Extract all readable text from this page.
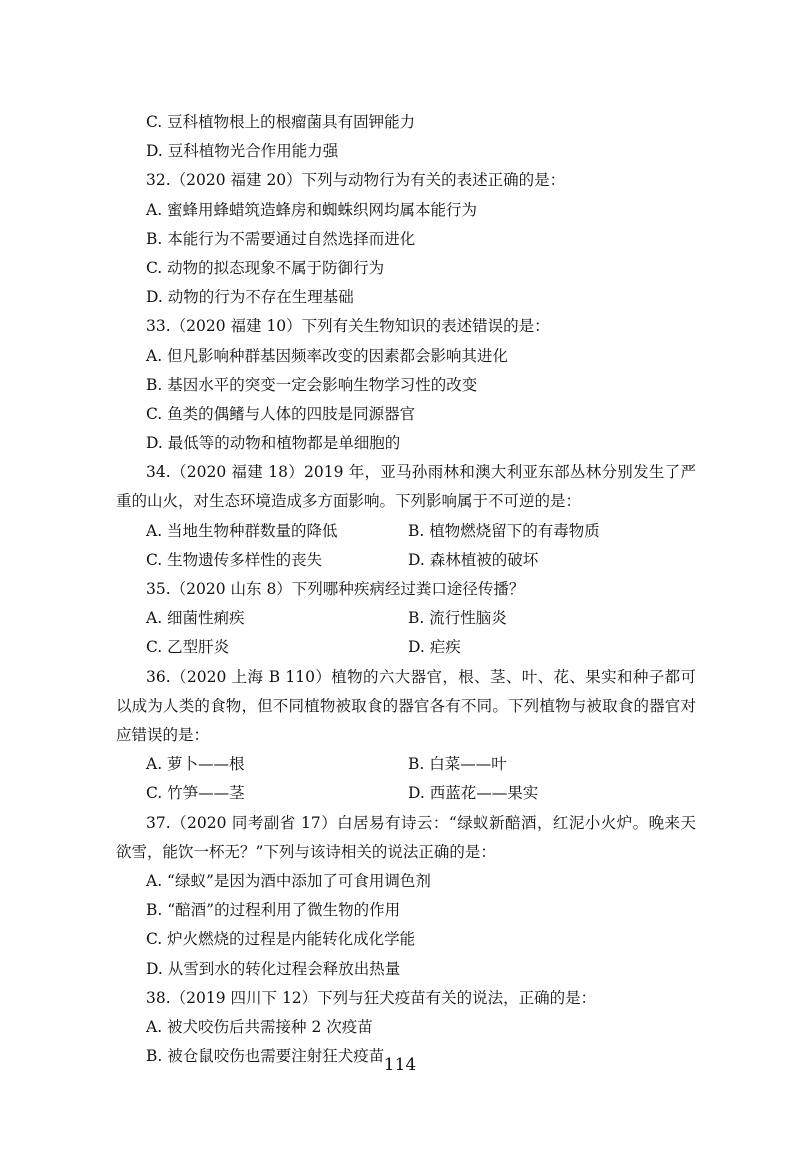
C. 豆科植物根上的根瘤菌具有固钾能力
D. 豆科植物光合作用能力强
32.（2020 福建 20）下列与动物行为有关的表述正确的是：
A. 蜜蜂用蜂蜡筑造蜂房和蜘蛛织网均属本能行为
B. 本能行为不需要通过自然选择而进化
C. 动物的拟态现象不属于防御行为
D. 动物的行为不存在生理基础
33.（2020 福建 10）下列有关生物知识的表述错误的是：
A. 但凡影响种群基因频率改变的因素都会影响其进化
B. 基因水平的突变一定会影响生物学习性的改变
C. 鱼类的偶鳍与人体的四肢是同源器官
D. 最低等的动物和植物都是单细胞的
34.（2020 福建 18）2019 年，亚马孙雨林和澳大利亚东部丛林分别发生了严重的山火，对生态环境造成多方面影响。下列影响属于不可逆的是：
A. 当地生物种群数量的降低	B. 植物燃烧留下的有毒物质
C. 生物遗传多样性的丧失	D. 森林植被的破坏
35.（2020 山东 8）下列哪种疾病经过粪口途径传播？
A. 细菌性痢疾	B. 流行性脑炎
C. 乙型肝炎	D. 疟疾
36.（2020 上海 B 110）植物的六大器官，根、茎、叶、花、果实和种子都可以成为人类的食物，但不同植物被取食的器官各有不同。下列植物与被取食的器官对应错误的是：
A. 萝卜——根	B. 白菜——叶
C. 竹笋——茎	D. 西蓝花——果实
37.（2020 同考副省 17）白居易有诗云：“绿蚁新醅酒，红泥小火炉。晚来天欲雪，能饮一杯无？”下列与该诗相关的说法正确的是：
A. “绿蚁”是因为酒中添加了可食用调色剂
B. “醅酒”的过程利用了微生物的作用
C. 炉火燃烧的过程是内能转化成化学能
D. 从雪到水的转化过程会释放出热量
38.（2019 四川下 12）下列与狂犬疫苗有关的说法，正确的是：
A. 被犬咬伤后共需接种 2 次疫苗
B. 被仓鼠咬伤也需要注射狂犬疫苗 114
